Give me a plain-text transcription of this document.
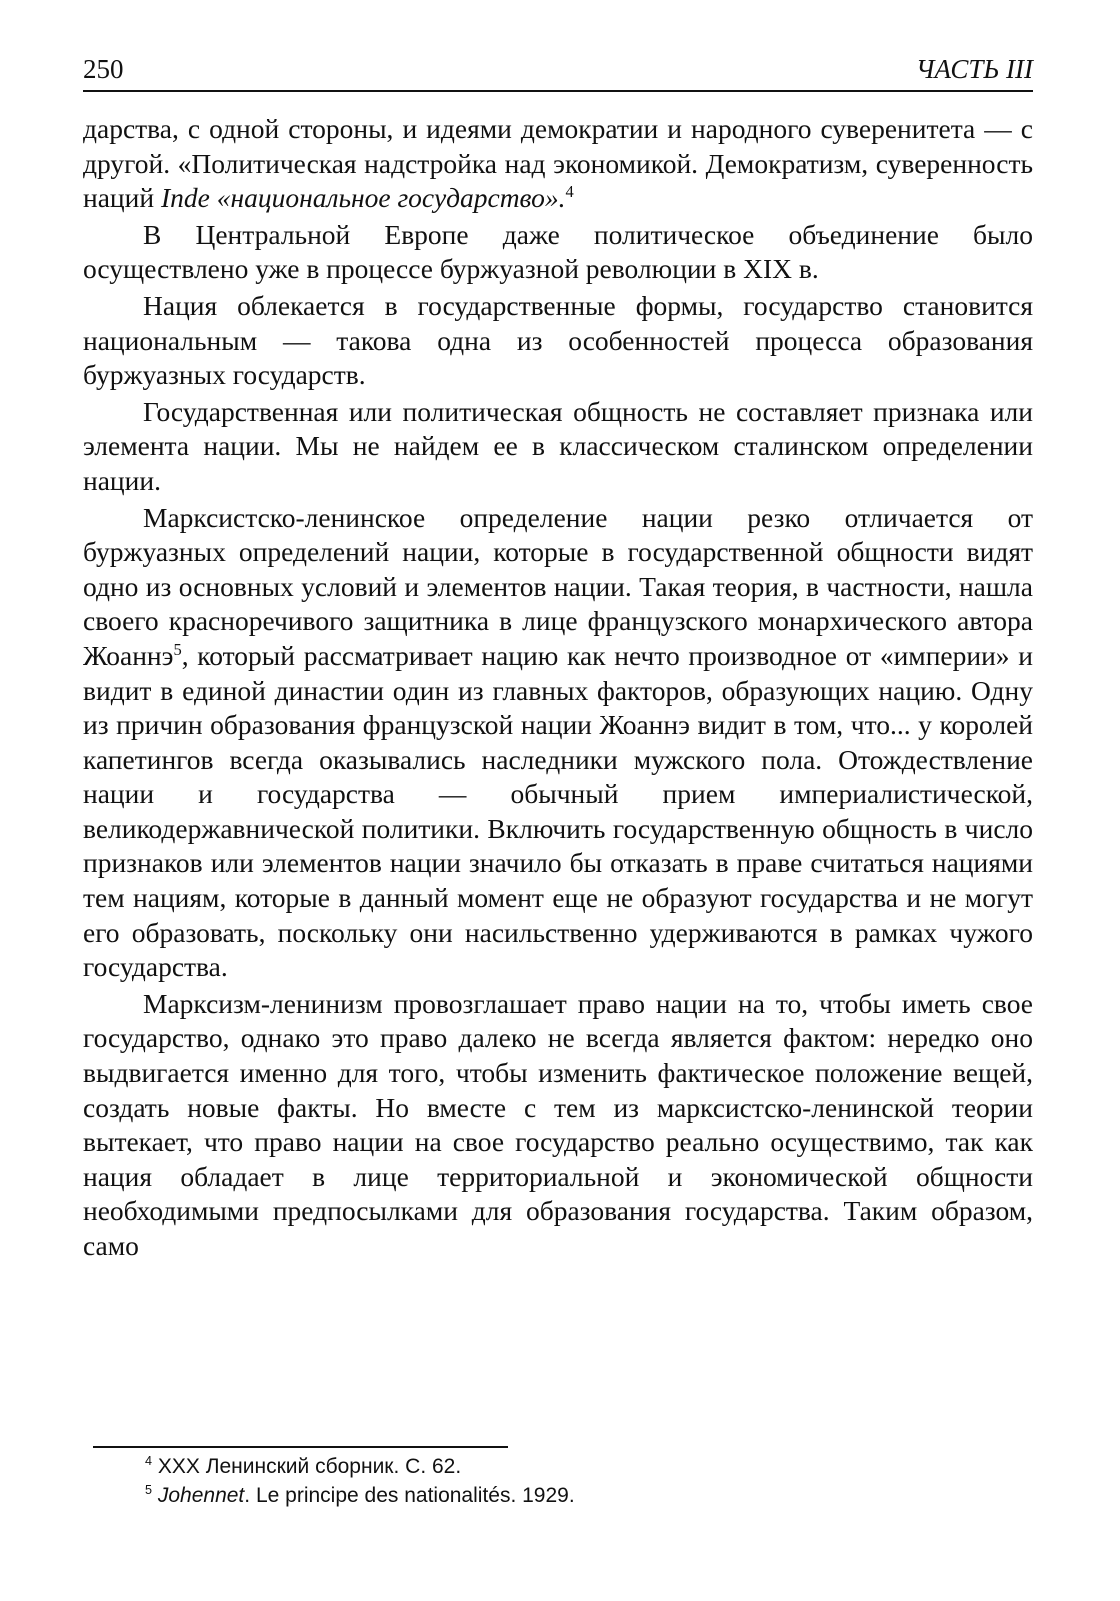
250	ЧАСТЬ III

дарства, с одной стороны, и идеями демократии и народного суверенитета — с другой. «Политическая надстройка над экономикой. Демократизм, суверенность наций Inde «национальное государство».$^4$

В Центральной Европе даже политическое объединение было осуществлено уже в процессе буржуазной революции в XIX в.

Нация облекается в государственные формы, государство становится национальным — такова одна из особенностей процесса образования буржуазных государств.

Государственная или политическая общность не составляет признака или элемента нации. Мы не найдем ее в классическом сталинском определении нации.

Марксистско-ленинское определение нации резко отличается от буржуазных определений нации, которые в государственной общности видят одно из основных условий и элементов нации. Такая теория, в частности, нашла своего красноречивого защитника в лице французского монархического автора Жоаннэ$^5$, который рассматривает нацию как нечто производное от «империи» и видит в единой династии один из главных факторов, образующих нацию. Одну из причин образования французской нации Жоаннэ видит в том, что... у королей капетингов всегда оказывались наследники мужского пола. Отождествление нации и государства — обычный прием империалистической, великодержавнической политики. Включить государственную общность в число признаков или элементов нации значило бы отказать в праве считаться нациями тем нациям, которые в данный момент еще не образуют государства и не могут его образовать, поскольку они насильственно удерживаются в рамках чужого государства.

Марксизм-ленинизм провозглашает право нации на то, чтобы иметь свое государство, однако это право далеко не всегда является фактом: нередко оно выдвигается именно для того, чтобы изменить фактическое положение вещей, создать новые факты. Но вместе с тем из марксистско-ленинской теории вытекает, что право нации на свое государство реально осуществимо, так как нация обладает в лице территориальной и экономической общности необходимыми предпосылками для образования государства. Таким образом, само

$^4$ XXX Ленинский сборник. С. 62.

$^5$ Johennet. Le principe des nationalités. 1929.
